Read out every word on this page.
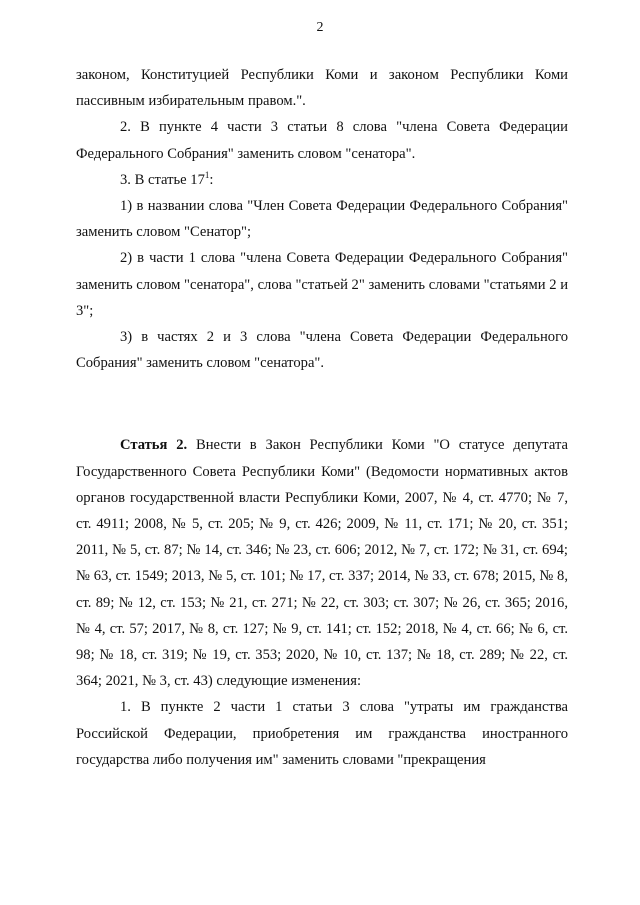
2

законом, Конституцией Республики Коми и законом Республики Коми пассивным избирательным правом.".

2. В пункте 4 части 3 статьи 8 слова "члена Совета Федерации Федерального Собрания" заменить словом "сенатора".

3. В статье $17^1$:

1) в названии слова "Член Совета Федерации Федерального Собрания" заменить словом "Сенатор";

2) в части 1 слова "члена Совета Федерации Федерального Собрания" заменить словом "сенатора", слова "статьей 2" заменить словами "статьями 2 и 3";

3) в частях 2 и 3 слова "члена Совета Федерации Федерального Собрания" заменить словом "сенатора".

Статья 2. Внести в Закон Республики Коми "О статусе депутата Государственного Совета Республики Коми" (Ведомости нормативных актов органов государственной власти Республики Коми, 2007, № 4, ст. 4770; № 7, ст. 4911; 2008, № 5, ст. 205; № 9, ст. 426; 2009, № 11, ст. 171; № 20, ст. 351; 2011, № 5, ст. 87; № 14, ст. 346; № 23, ст. 606; 2012, № 7, ст. 172; № 31, ст. 694; № 63, ст. 1549; 2013, № 5, ст. 101; № 17, ст. 337; 2014, № 33, ст. 678; 2015, № 8, ст. 89; № 12, ст. 153; № 21, ст. 271; № 22, ст. 303; ст. 307; № 26, ст. 365; 2016, № 4, ст. 57; 2017, № 8, ст. 127; № 9, ст. 141; ст. 152; 2018, № 4, ст. 66; № 6, ст. 98; № 18, ст. 319; № 19, ст. 353; 2020, № 10, ст. 137; № 18, ст. 289; № 22, ст. 364; 2021, № 3, ст. 43) следующие изменения:

1. В пункте 2 части 1 статьи 3 слова "утраты им гражданства Российской Федерации, приобретения им гражданства иностранного государства либо получения им" заменить словами "прекращения
